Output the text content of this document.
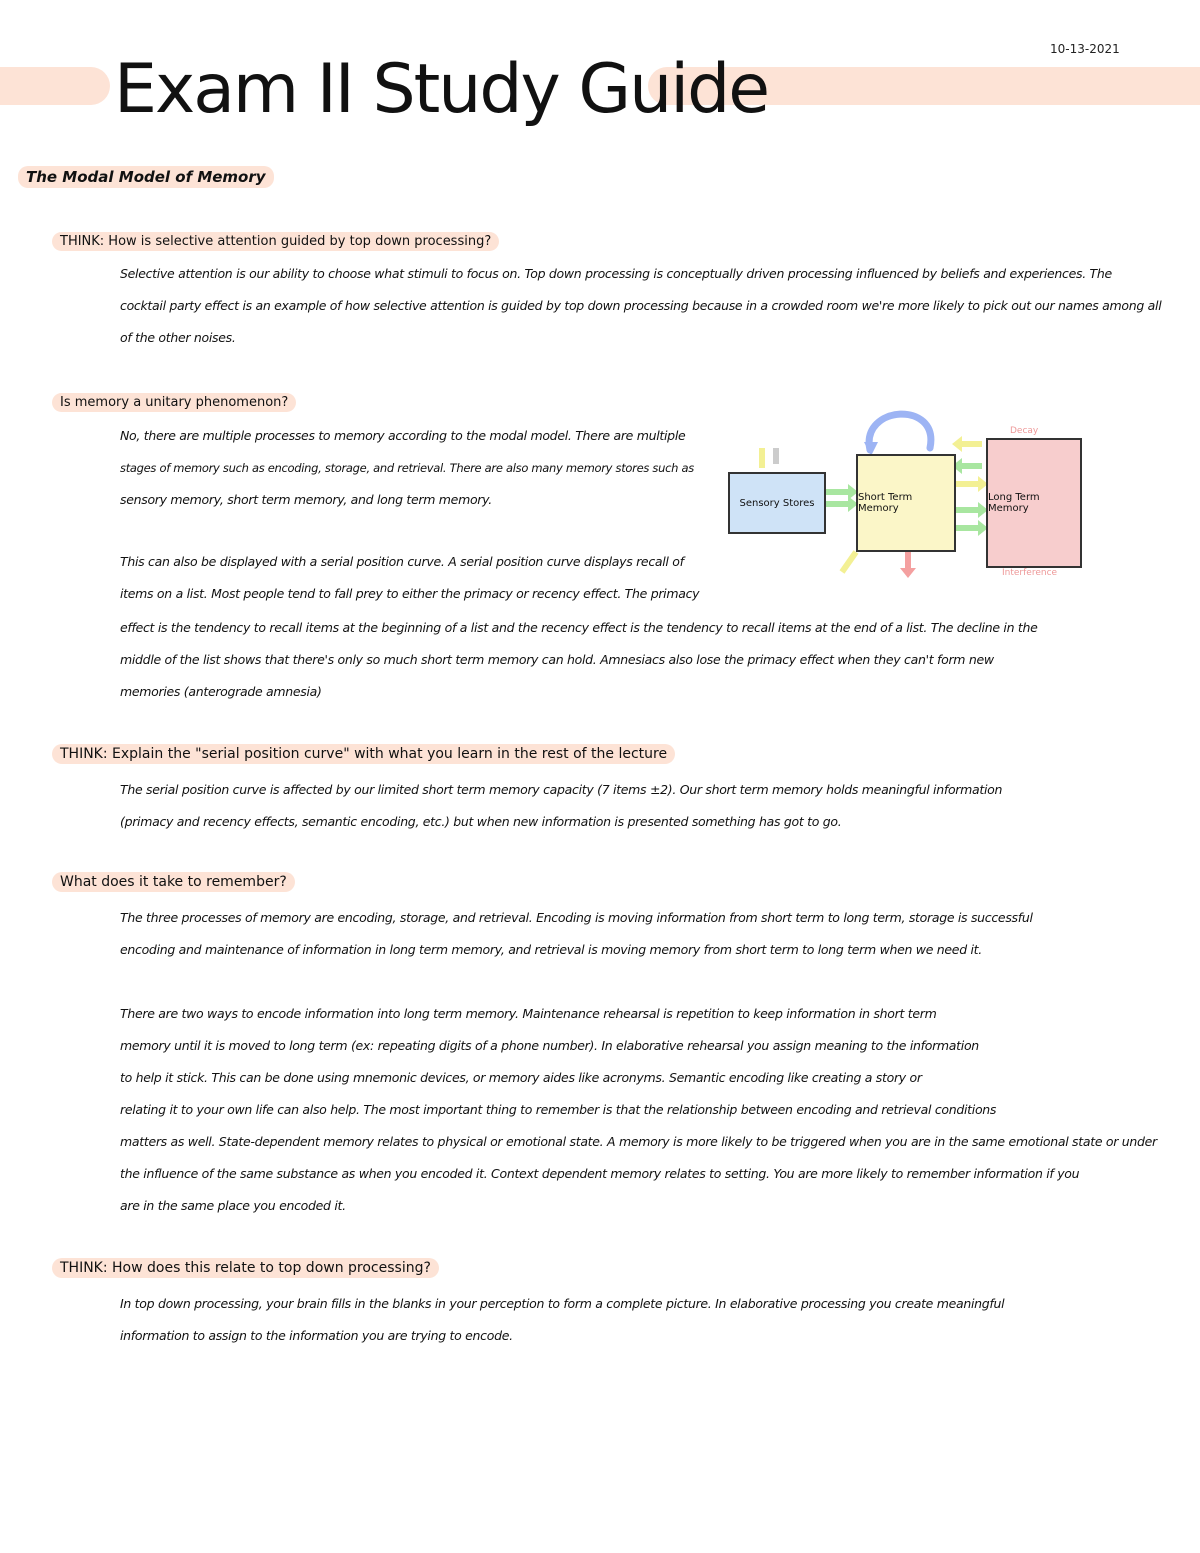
Exam II Study Guide
10-13-2021
The Modal Model of Memory
THINK: How is selective attention guided by top down processing?

Selective attention is our ability to choose what stimuli to focus on. Top down processing is conceptually driven processing influenced by beliefs and experiences. The

cocktail party effect is an example of how selective attention is guided by top down processing because in a crowded room we're more likely to pick out our names among all

of the other noises.

Is memory a unitary phenomenon?

No, there are multiple processes to memory according to the modal model. There are multiple

stages of memory such as encoding, storage, and retrieval. There are also many memory stores such as

sensory memory, short term memory, and long term memory.

This can also be displayed with a serial position curve. A serial position curve displays recall of

items on a list. Most people tend to fall prey to either the primacy or recency effect. The primacy

effect is the tendency to recall items at the beginning of a list and the recency effect is the tendency to recall items at the end of a list. The decline in the

middle of the list shows that there's only so much short term memory can hold. Amnesiacs also lose the primacy effect when they can't form new

memories (anterograde amnesia)

Sensory Stores	Short Term Memory
Long Term Memory
Decay
Interference
THINK: Explain the "serial position curve" with what you learn in the rest of the lecture

The serial position curve is affected by our limited short term memory capacity (7 items ±2). Our short term memory holds meaningful information

(primacy and recency effects, semantic encoding, etc.) but when new information is presented something has got to go.

What does it take to remember?

The three processes of memory are encoding, storage, and retrieval. Encoding is moving information from short term to long term, storage is successful

encoding and maintenance of information in long term memory, and retrieval is moving memory from short term to long term when we need it.

There are two ways to encode information into long term memory. Maintenance rehearsal is repetition to keep information in short term

memory until it is moved to long term (ex: repeating digits of a phone number). In elaborative rehearsal you assign meaning to the information

to help it stick. This can be done using mnemonic devices, or memory aides like acronyms. Semantic encoding like creating a story or

relating it to your own life can also help. The most important thing to remember is that the relationship between encoding and retrieval conditions

matters as well. State-dependent memory relates to physical or emotional state. A memory is more likely to be triggered when you are in the same emotional state or under

the influence of the same substance as when you encoded it. Context dependent memory relates to setting. You are more likely to remember information if you

are in the same place you encoded it.

THINK: How does this relate to top down processing?

In top down processing, your brain fills in the blanks in your perception to form a complete picture. In elaborative processing you create meaningful

information to assign to the information you are trying to encode.
